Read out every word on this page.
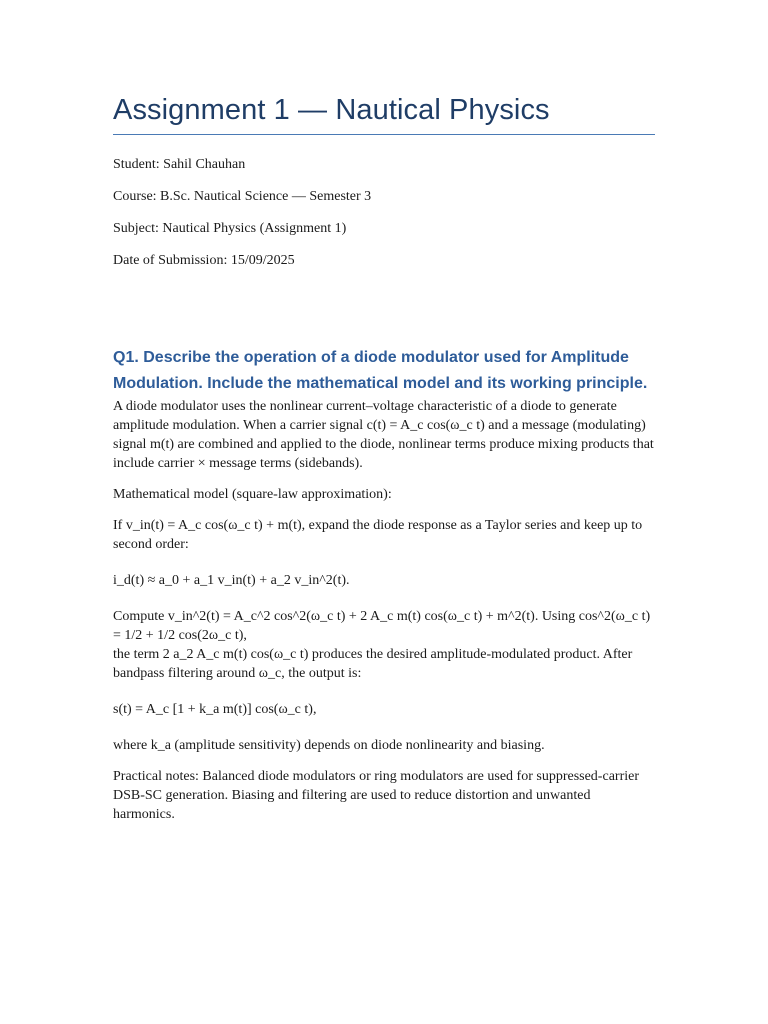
Assignment 1 — Nautical Physics

Student: Sahil Chauhan

Course: B.Sc. Nautical Science — Semester 3

Subject: Nautical Physics (Assignment 1)

Date of Submission: 15/09/2025

Q1. Describe the operation of a diode modulator used for Amplitude Modulation. Include the mathematical model and its working principle.

A diode modulator uses the nonlinear current–voltage characteristic of a diode to generate amplitude modulation. When a carrier signal c(t) = A_c cos(ω_c t) and a message (modulating) signal m(t) are combined and applied to the diode, nonlinear terms produce mixing products that include carrier × message terms (sidebands).

Mathematical model (square-law approximation):

If v_in(t) = A_c cos(ω_c t) + m(t), expand the diode response as a Taylor series and keep up to second order:

i_d(t) ≈ a_0 + a_1 v_in(t) + a_2 v_in^2(t).

Compute v_in^2(t) = A_c^2 cos^2(ω_c t) + 2 A_c m(t) cos(ω_c t) + m^2(t). Using cos^2(ω_c t) = 1/2 + 1/2 cos(2ω_c t),

the term 2 a_2 A_c m(t) cos(ω_c t) produces the desired amplitude-modulated product. After bandpass filtering around ω_c, the output is:

s(t) = A_c [1 + k_a m(t)] cos(ω_c t),

where k_a (amplitude sensitivity) depends on diode nonlinearity and biasing.

Practical notes: Balanced diode modulators or ring modulators are used for suppressed-carrier DSB-SC generation. Biasing and filtering are used to reduce distortion and unwanted harmonics.
